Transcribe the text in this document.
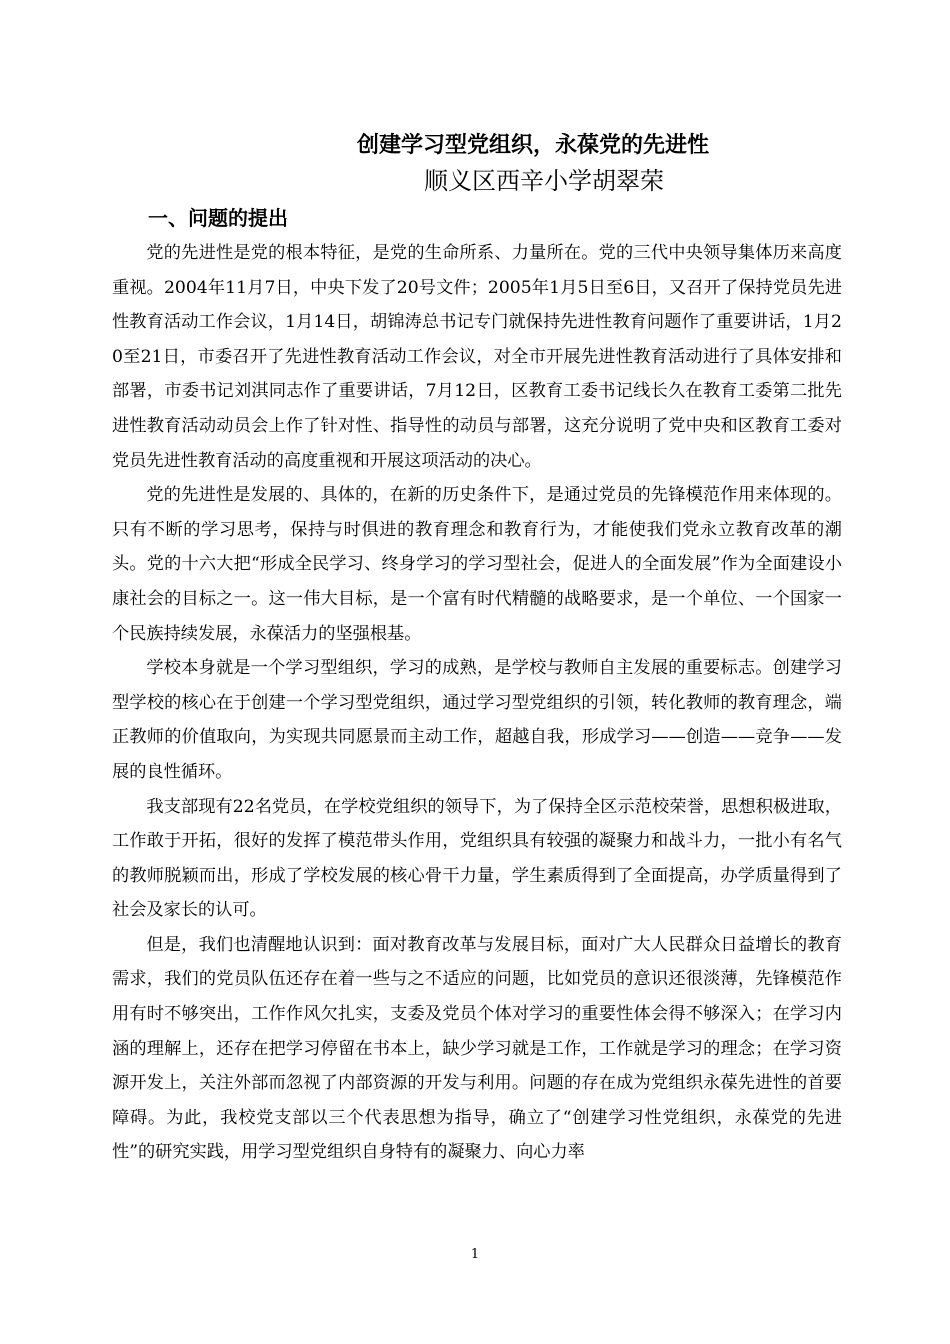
创建学习型党组织，永葆党的先进性
顺义区西辛小学胡翠荣
一、问题的提出

党的先进性是党的根本特征，是党的生命所系、力量所在。党的三代中央领导集体历来高度重视。2004年11月7日，中央下发了20号文件；2005年1月5日至6日，又召开了保持党员先进性教育活动工作会议，1月14日，胡锦涛总书记专门就保持先进性教育问题作了重要讲话，1月20至21日，市委召开了先进性教育活动工作会议，对全市开展先进性教育活动进行了具体安排和部署，市委书记刘淇同志作了重要讲话，7月12日，区教育工委书记线长久在教育工委第二批先进性教育活动动员会上作了针对性、指导性的动员与部署，这充分说明了党中央和区教育工委对党员先进性教育活动的高度重视和开展这项活动的决心。

党的先进性是发展的、具体的，在新的历史条件下，是通过党员的先锋模范作用来体现的。只有不断的学习思考，保持与时俱进的教育理念和教育行为，才能使我们党永立教育改革的潮头。党的十六大把“形成全民学习、终身学习的学习型社会，促进人的全面发展”作为全面建设小康社会的目标之一。这一伟大目标，是一个富有时代精髓的战略要求，是一个单位、一个国家一个民族持续发展，永葆活力的坚强根基。

学校本身就是一个学习型组织，学习的成熟，是学校与教师自主发展的重要标志。创建学习型学校的核心在于创建一个学习型党组织，通过学习型党组织的引领，转化教师的教育理念，端正教师的价值取向，为实现共同愿景而主动工作，超越自我，形成学习——创造——竞争——发展的良性循环。

我支部现有22名党员，在学校党组织的领导下，为了保持全区示范校荣誉，思想积极进取，工作敢于开拓，很好的发挥了模范带头作用，党组织具有较强的凝聚力和战斗力，一批小有名气的教师脱颖而出，形成了学校发展的核心骨干力量，学生素质得到了全面提高，办学质量得到了社会及家长的认可。

但是，我们也清醒地认识到：面对教育改革与发展目标，面对广大人民群众日益增长的教育需求，我们的党员队伍还存在着一些与之不适应的问题，比如党员的意识还很淡薄，先锋模范作用有时不够突出，工作作风欠扎实，支委及党员个体对学习的重要性体会得不够深入；在学习内涵的理解上，还存在把学习停留在书本上，缺少学习就是工作，工作就是学习的理念；在学习资源开发上，关注外部而忽视了内部资源的开发与利用。问题的存在成为党组织永葆先进性的首要障碍。为此，我校党支部以三个代表思想为指导，确立了“创建学习性党组织，永葆党的先进性”的研究实践，用学习型党组织自身特有的凝聚力、向心力率

1
